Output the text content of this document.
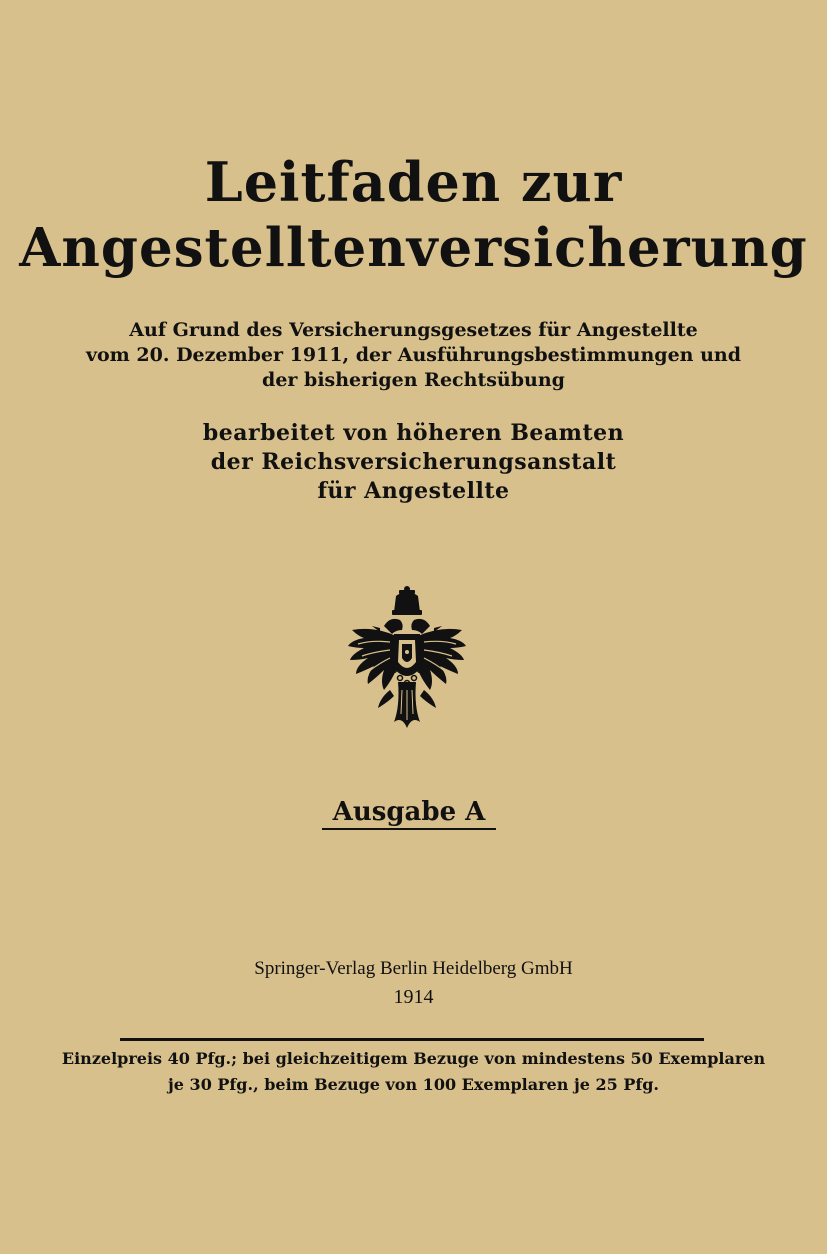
Leitfaden zur
Angestelltenversicherung
Auf Grund des Versicherungsgesetzes für Angestellte
vom 20. Dezember 1911, der Ausführungsbestimmungen und
der bisherigen Rechtsübung
bearbeitet von höheren Beamten
der Reichsversicherungsanstalt
für Angestellte
Ausgabe A
Springer-Verlag Berlin Heidelberg GmbH
1914
Einzelpreis 40 Pfg.; bei gleichzeitigem Bezuge von mindestens 50 Exemplaren
je 30 Pfg., beim Bezuge von 100 Exemplaren je 25 Pfg.
